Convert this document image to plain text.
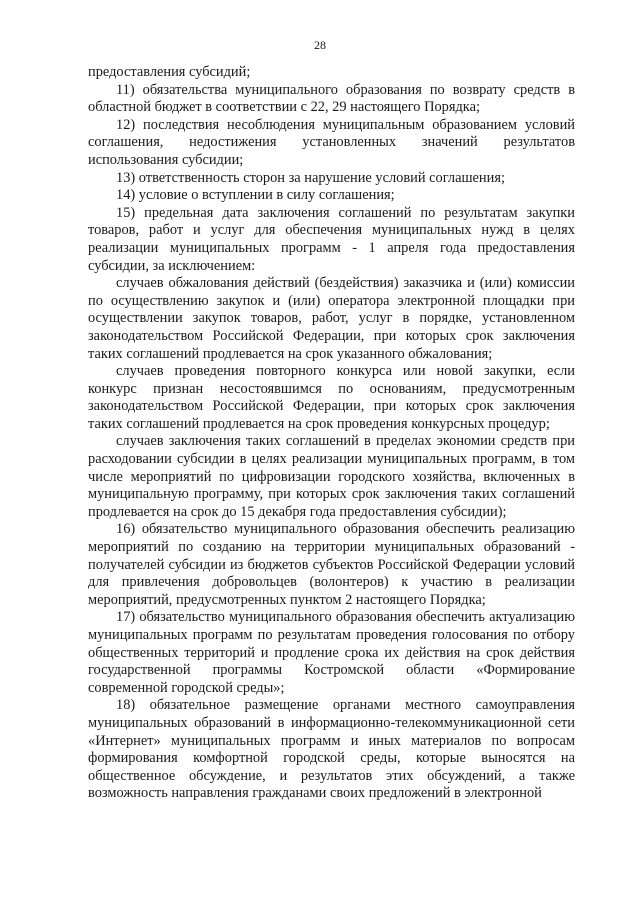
28

предоставления субсидий;

11) обязательства муниципального образования по возврату средств в областной бюджет в соответствии с 22, 29 настоящего Порядка;

12) последствия несоблюдения муниципальным образованием условий соглашения, недостижения установленных значений результатов использования субсидии;

13) ответственность сторон за нарушение условий соглашения;

14) условие о вступлении в силу соглашения;

15) предельная дата заключения соглашений по результатам закупки товаров, работ и услуг для обеспечения муниципальных нужд в целях реализации муниципальных программ - 1 апреля года предоставления субсидии, за исключением:

случаев обжалования действий (бездействия) заказчика и (или) комиссии по осуществлению закупок и (или) оператора электронной площадки при осуществлении закупок товаров, работ, услуг в порядке, установленном законодательством Российской Федерации, при которых срок заключения таких соглашений продлевается на срок указанного обжалования;

случаев проведения повторного конкурса или новой закупки, если конкурс признан несостоявшимся по основаниям, предусмотренным законодательством Российской Федерации, при которых срок заключения таких соглашений продлевается на срок проведения конкурсных процедур;

случаев заключения таких соглашений в пределах экономии средств при расходовании субсидии в целях реализации муниципальных программ, в том числе мероприятий по цифровизации городского хозяйства, включенных в муниципальную программу, при которых срок заключения таких соглашений продлевается на срок до 15 декабря года предоставления субсидии);

16) обязательство муниципального образования обеспечить реализацию мероприятий по созданию на территории муниципальных образований - получателей субсидии из бюджетов субъектов Российской Федерации условий для привлечения добровольцев (волонтеров) к участию в реализации мероприятий, предусмотренных пунктом 2 настоящего Порядка;

17) обязательство муниципального образования обеспечить актуализацию муниципальных программ по результатам проведения голосования по отбору общественных территорий и продление срока их действия на срок действия государственной программы Костромской области «Формирование современной городской среды»;

18) обязательное размещение органами местного самоуправления муниципальных образований в информационно-телекоммуникационной сети «Интернет» муниципальных программ и иных материалов по вопросам формирования комфортной городской среды, которые выносятся на общественное обсуждение, и результатов этих обсуждений, а также возможность направления гражданами своих предложений в электронной
